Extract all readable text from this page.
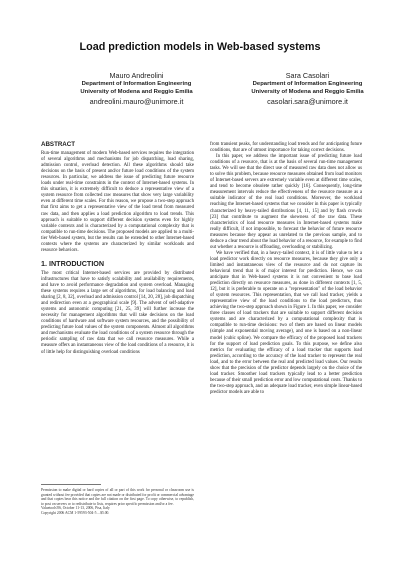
Load prediction models in Web-based systems
Mauro Andreolini
Department of Information Engineering
University of Modena and Reggio Emilia
andreolini.mauro@unimore.it
Sara Casolari
Department of Information Engineering
University of Modena and Reggio Emilia
casolari.sara@unimore.it
ABSTRACT

Run-time management of modern Web-based services requires the integration of several algorithms and mechanisms for job dispatching, load sharing, admission control, overload detection. All these algorithms should take decisions on the basis of present and/or future load conditions of the system resources. In particular, we address the issue of predicting future resource loads under real-time constraints in the context of Internet-based systems. In this situation, it is extremely difficult to deduce a representative view of a system resource from collected raw measures that show very large variability even at different time scales. For this reason, we propose a two-step approach that first aims to get a representative view of the load trend from measured raw data, and then applies a load prediction algorithm to load trends. This approach is suitable to support different decision systems even for highly variable contexts and is characterized by a computational complexity that is compatible to run-time decisions. The proposed models are applied to a multi-tier Web-based system, but the results can be extended to other Internet-based contexts where the systems are characterized by similar workloads and resource behaviors.

1. INTRODUCTION

The most critical Internet-based services are provided by distributed infrastructures that have to satisfy scalability and availability requirements, and have to avoid performance degradation and system overload. Managing these systems requires a large set of algorithms, for load balancing and load sharing [2, 8, 32], overload and admission control [14, 20, 28], job dispatching and redirection even at a geographical scale [9]. The advent of self-adaptive systems and autonomic computing [21, 25, 39] will further increase the necessity for management algorithms that will take decisions on the load conditions of hardware and software system resources, and the possibility of predicting future load values of the system components. Almost all algorithms and mechanisms evaluate the load conditions of a system resource through the periodic sampling of raw data that we call resource measures. While a measure offers an instantaneous view of the load conditions of a resource, it is of little help for distinguishing overload conditions

Permission to make digital or hard copies of all or part of this work for personal or classroom use is granted without fee provided that copies are not made or distributed for profit or commercial advantage and that copies bear this notice and the full citation on the first page. To copy otherwise, to republish, to post on servers or to redistribute to lists, requires prior specific permission and/or a fee.
Valuetools'06, October 11-13, 2006, Pisa, Italy
Copyright 2006 ACM 1-59593-504-5 ...$5.00.

from transient peaks, for understanding load trends and for anticipating future conditions, that are of utmost importance for taking correct decisions.

In this paper, we address the important issue of predicting future load conditions of a resource, that is at the basis of several run-time management tasks. We will see that the direct use of measured raw data does not allow us to solve this problem, because resource measures obtained from load monitors of Internet-based servers are extremely variable even at different time scales, and tend to become obsolete rather quickly [16]. Consequently, long-time measurement intervals reduce the effectiveness of the resource measure as a suitable indicator of the real load conditions. Moreover, the workload reaching the Internet-based systems that we consider in this paper is typically characterized by heavy-tailed distributions [4, 11, 15] and by flash crowds [23] that contribute to augment the skewness of the raw data. These characteristics of load resource measures in Internet-based systems make really difficult, if not impossible, to forecast the behavior of future resource measures because they appear as unrelated to the previous sample, and to deduce a clear trend about the load behavior of a resource, for example to find out whether a resource is offloading, overloading or stabilizing.

We have verified that, in a heavy-tailed context, it is of little value to let a load predictor work directly on resource measures, because they give only a limited and instantaneous view of the resource and do not capture its behavioral trend that is of major interest for prediction. Hence, we can anticipate that in Web-based systems it is not convenient to base load prediction directly on resource measures, as done in different contexts [1, 5, 12], but it is preferable to operate on a "representation" of the load behavior of system resources. This representation, that we call load tracker, yields a representative view of the load conditions to the load predictors, thus achieving the two-step approach shown in Figure 1. In this paper, we consider three classes of load trackers that are suitable to support different decision systems and are characterized by a computational complexity that is compatible to run-time decisions: two of them are based on linear models (simple and exponential moving average), and one is based on a non-linear model (cubic spline). We compare the efficacy of the proposed load trackers for the support of load prediction goals. To this purpose, we define also metrics for evaluating the efficacy of a load tracker that supports load prediction, according to the accuracy of the load tracker to represent the real load, and to the error between the real and predicted load values. Our results show that the precision of the predictor depends largely on the choice of the load tracker. Smoother load trackers typically lead to a better prediction because of their small prediction error and low computational costs. Thanks to the two-step approach, and an adequate load tracker, even simple linear-based predictor models are able to
